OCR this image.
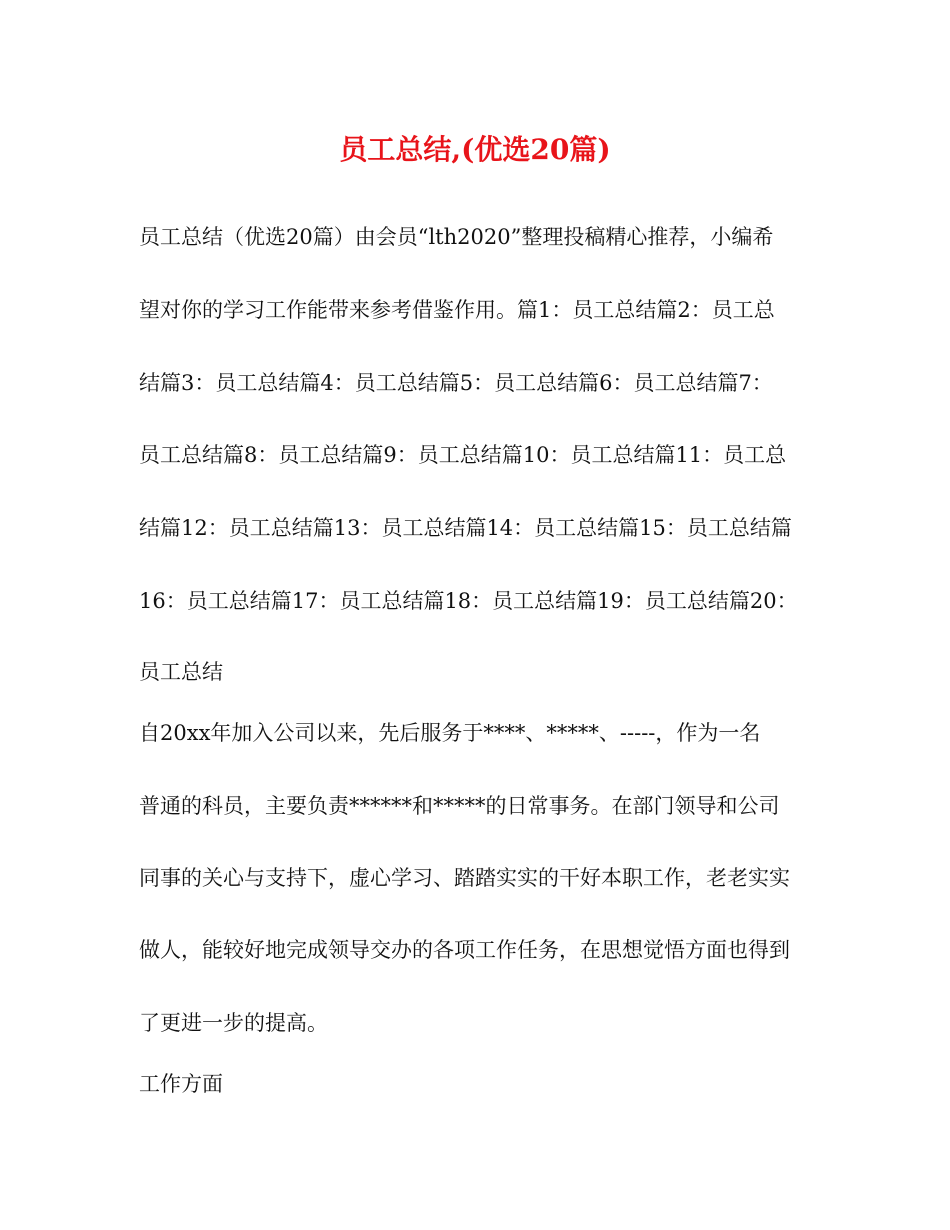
员工总结,(优选20篇)
员工总结（优选20篇）由会员“lth2020”整理投稿精心推荐，小编希
望对你的学习工作能带来参考借鉴作用。篇1：员工总结篇2：员工总
结篇3：员工总结篇4：员工总结篇5：员工总结篇6：员工总结篇7：
员工总结篇8：员工总结篇9：员工总结篇10：员工总结篇11：员工总
结篇12：员工总结篇13：员工总结篇14：员工总结篇15：员工总结篇
16：员工总结篇17：员工总结篇18：员工总结篇19：员工总结篇20：
员工总结
自20xx年加入公司以来，先后服务于****、*****、-----，作为一名
普通的科员，主要负责******和*****的日常事务。在部门领导和公司
同事的关心与支持下，虚心学习、踏踏实实的干好本职工作，老老实实
做人，能较好地完成领导交办的各项工作任务，在思想觉悟方面也得到
了更进一步的提高。
工作方面
